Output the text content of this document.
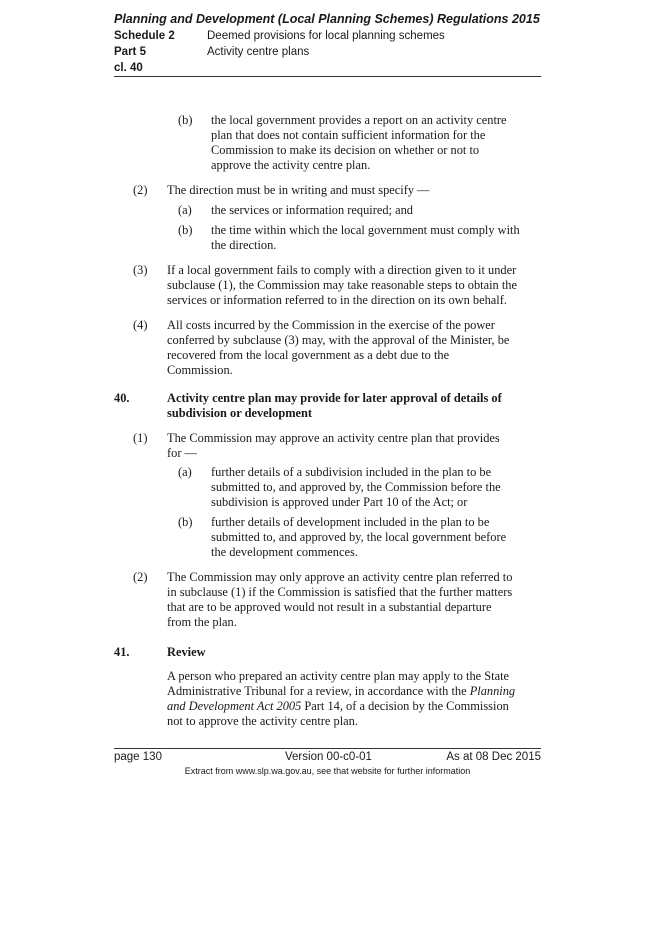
Planning and Development (Local Planning Schemes) Regulations 2015
Schedule 2	Deemed provisions for local planning schemes
Part 5	Activity centre plans
cl. 40
(b) the local government provides a report on an activity centre
plan that does not contain sufficient information for the
Commission to make its decision on whether or not to
approve the activity centre plan.
(2) The direction must be in writing and must specify —
(a) the services or information required; and
(b) the time within which the local government must comply with
the direction.
(3) If a local government fails to comply with a direction given to it under
subclause (1), the Commission may take reasonable steps to obtain the
services or information referred to in the direction on its own behalf.
(4) All costs incurred by the Commission in the exercise of the power
conferred by subclause (3) may, with the approval of the Minister, be
recovered from the local government as a debt due to the
Commission.
40.	Activity centre plan may provide for later approval of details of
subdivision or development
(1) The Commission may approve an activity centre plan that provides
for —
(a) further details of a subdivision included in the plan to be
submitted to, and approved by, the Commission before the
subdivision is approved under Part 10 of the Act; or
(b) further details of development included in the plan to be
submitted to, and approved by, the local government before
the development commences.
(2) The Commission may only approve an activity centre plan referred to
in subclause (1) if the Commission is satisfied that the further matters
that are to be approved would not result in a substantial departure
from the plan.
41.	Review
A person who prepared an activity centre plan may apply to the State
Administrative Tribunal for a review, in accordance with the Planning
and Development Act 2005 Part 14, of a decision by the Commission
not to approve the activity centre plan.
page 130	Version 00-c0-01	As at 08 Dec 2015
Extract from www.slp.wa.gov.au, see that website for further information
